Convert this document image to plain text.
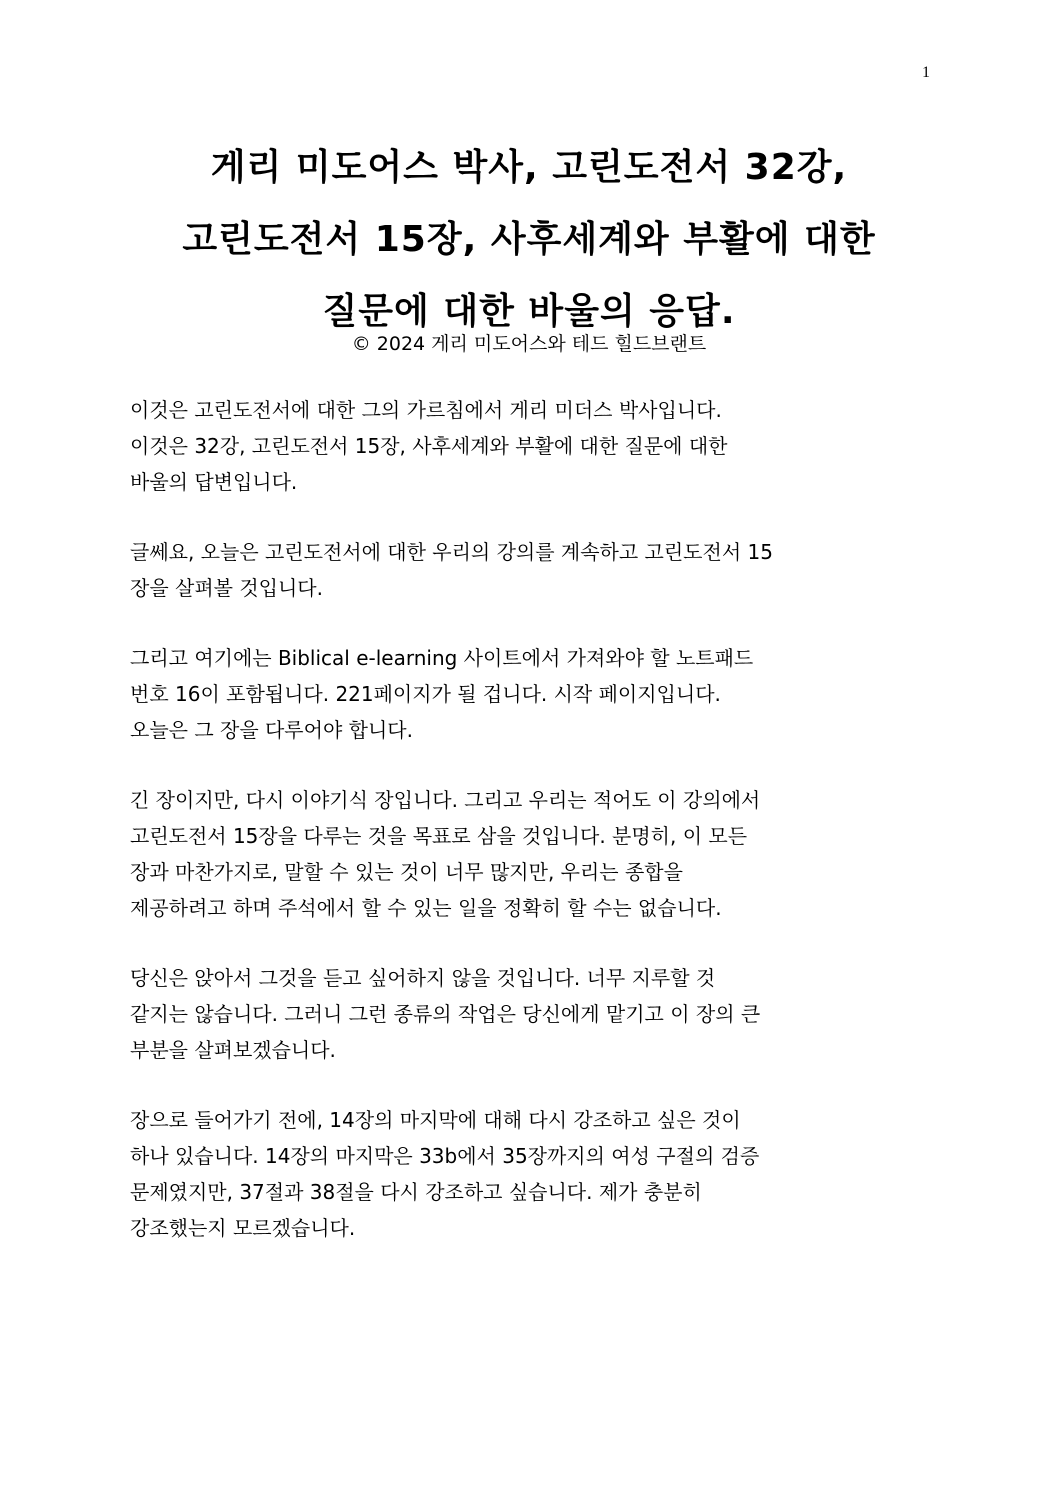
1
게리 미도어스 박사, 고린도전서 32강,
고린도전서 15장, 사후세계와 부활에 대한
질문에 대한 바울의 응답.
© 2024 게리 미도어스와 테드 힐드브랜트

이것은 고린도전서에 대한 그의 가르침에서 게리 미더스 박사입니다.
이것은 32강, 고린도전서 15장, 사후세계와 부활에 대한 질문에 대한
바울의 답변입니다.

글쎄요, 오늘은 고린도전서에 대한 우리의 강의를 계속하고 고린도전서 15
장을 살펴볼 것입니다.

그리고 여기에는 Biblical e-learning 사이트에서 가져와야 할 노트패드
번호 16이 포함됩니다. 221페이지가 될 겁니다. 시작 페이지입니다.
오늘은 그 장을 다루어야 합니다.

긴 장이지만, 다시 이야기식 장입니다. 그리고 우리는 적어도 이 강의에서
고린도전서 15장을 다루는 것을 목표로 삼을 것입니다. 분명히, 이 모든
장과 마찬가지로, 말할 수 있는 것이 너무 많지만, 우리는 종합을
제공하려고 하며 주석에서 할 수 있는 일을 정확히 할 수는 없습니다.

당신은 앉아서 그것을 듣고 싶어하지 않을 것입니다. 너무 지루할 것
같지는 않습니다. 그러니 그런 종류의 작업은 당신에게 맡기고 이 장의 큰
부분을 살펴보겠습니다.

장으로 들어가기 전에, 14장의 마지막에 대해 다시 강조하고 싶은 것이
하나 있습니다. 14장의 마지막은 33b에서 35장까지의 여성 구절의 검증
문제였지만, 37절과 38절을 다시 강조하고 싶습니다. 제가 충분히
강조했는지 모르겠습니다.
